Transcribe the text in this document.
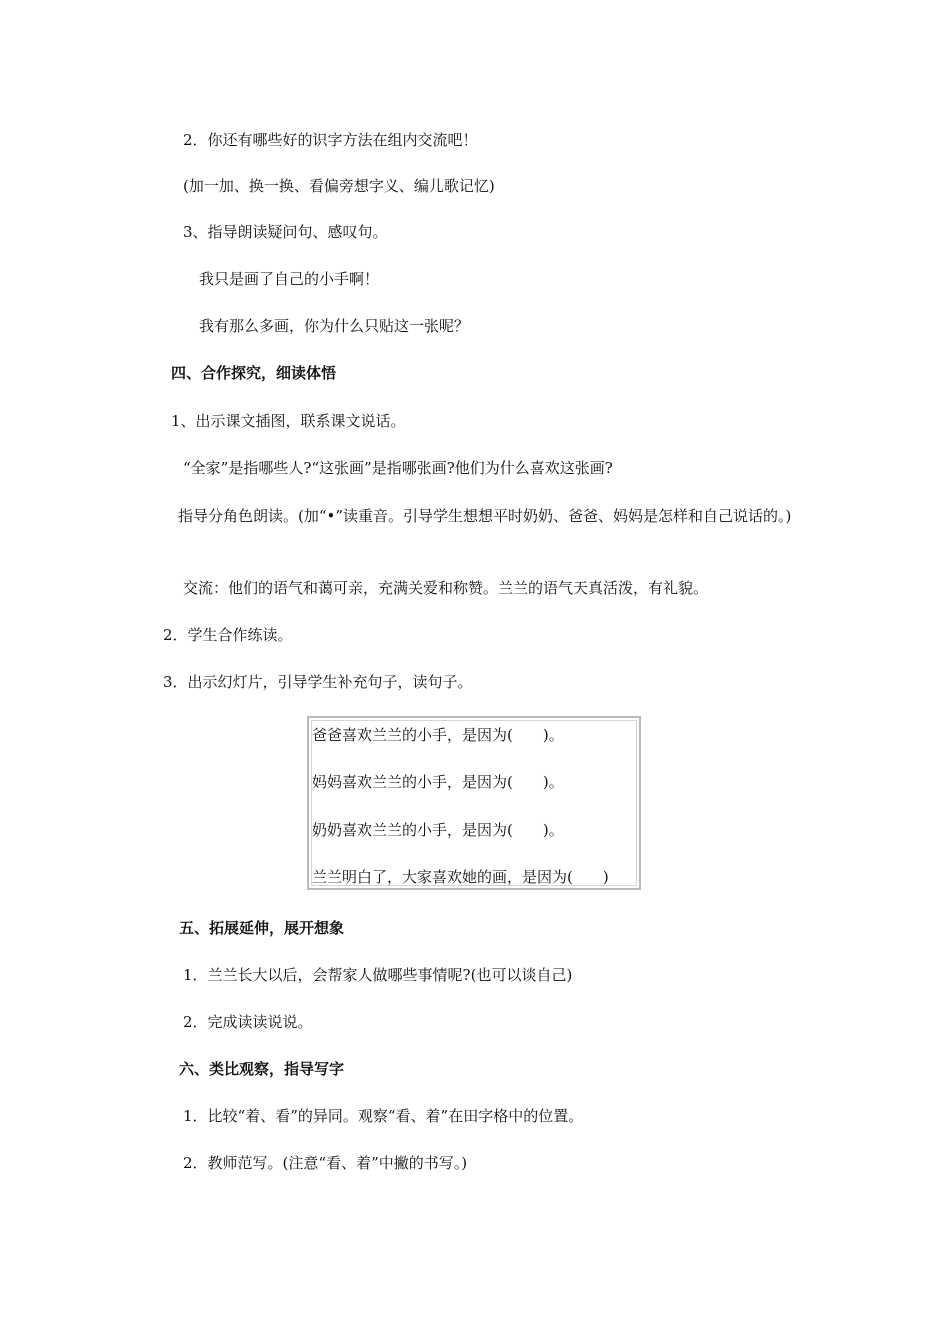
2．你还有哪些好的识字方法在组内交流吧！
(加一加、换一换、看偏旁想字义、编儿歌记忆)
3、指导朗读疑问句、感叹句。
我只是画了自己的小手啊！
我有那么多画，你为什么只贴这一张呢？
四、合作探究，细读体悟
1、出示课文插图，联系课文说话。
“全家”是指哪些人?“这张画”是指哪张画?他们为什么喜欢这张画?
指导分角色朗读。(加“•”读重音。引导学生想想平时奶奶、爸爸、妈妈是怎样和自己说话的。)
交流：他们的语气和蔼可亲，充满关爱和称赞。兰兰的语气天真活泼，有礼貌。
2．学生合作练读。
3．出示幻灯片，引导学生补充句子，读句子。
爸爸喜欢兰兰的小手，是因为(　　)。
妈妈喜欢兰兰的小手，是因为(　　)。
奶奶喜欢兰兰的小手，是因为(　　)。
兰兰明白了，大家喜欢她的画，是因为(　　)
五、拓展延伸，展开想象
1．兰兰长大以后，会帮家人做哪些事情呢?(也可以谈自己)
2．完成读读说说。
六、类比观察，指导写字
1．比较“着、看”的异同。观察“看、着”在田字格中的位置。
2．教师范写。(注意“看、着”中撇的书写。)
